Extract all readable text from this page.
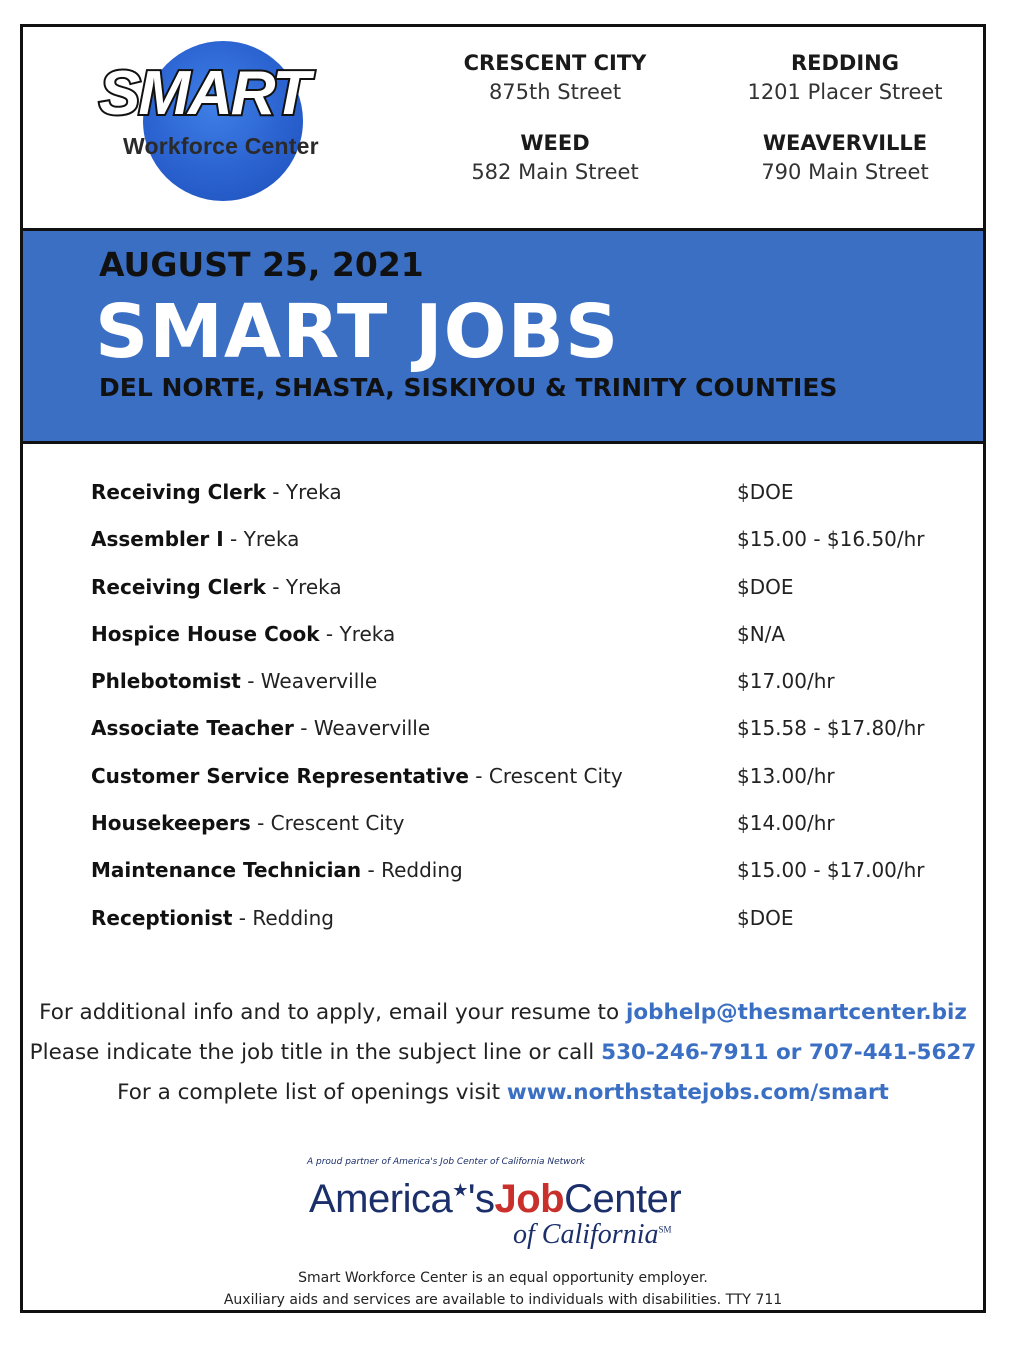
SMART
Workforce Center
CRESCENT CITY
875th Street
REDDING
1201 Placer Street
WEED
582 Main Street
WEAVERVILLE
790 Main Street
AUGUST 25, 2021
SMART JOBS
DEL NORTE, SHASTA, SISKIYOU & TRINITY COUNTIES
Receiving Clerk - Yreka	$DOE
Assembler I - Yreka	$15.00 - $16.50/hr
Receiving Clerk - Yreka	$DOE
Hospice House Cook - Yreka	$N/A
Phlebotomist - Weaverville	$17.00/hr
Associate Teacher - Weaverville	$15.58 - $17.80/hr
Customer Service Representative - Crescent City	$13.00/hr
Housekeepers - Crescent City	$14.00/hr
Maintenance Technician - Redding	$15.00 - $17.00/hr
Receptionist - Redding	$DOE
For additional info and to apply, email your resume to jobhelp@thesmartcenter.biz
Please indicate the job title in the subject line or call 530-246-7911 or 707-441-5627
For a complete list of openings visit www.northstatejobs.com/smart
A proud partner of America's Job Center of California Network
America★'sJobCenter
of California℠
Smart Workforce Center is an equal opportunity employer.
Auxiliary aids and services are available to individuals with disabilities. TTY 711
